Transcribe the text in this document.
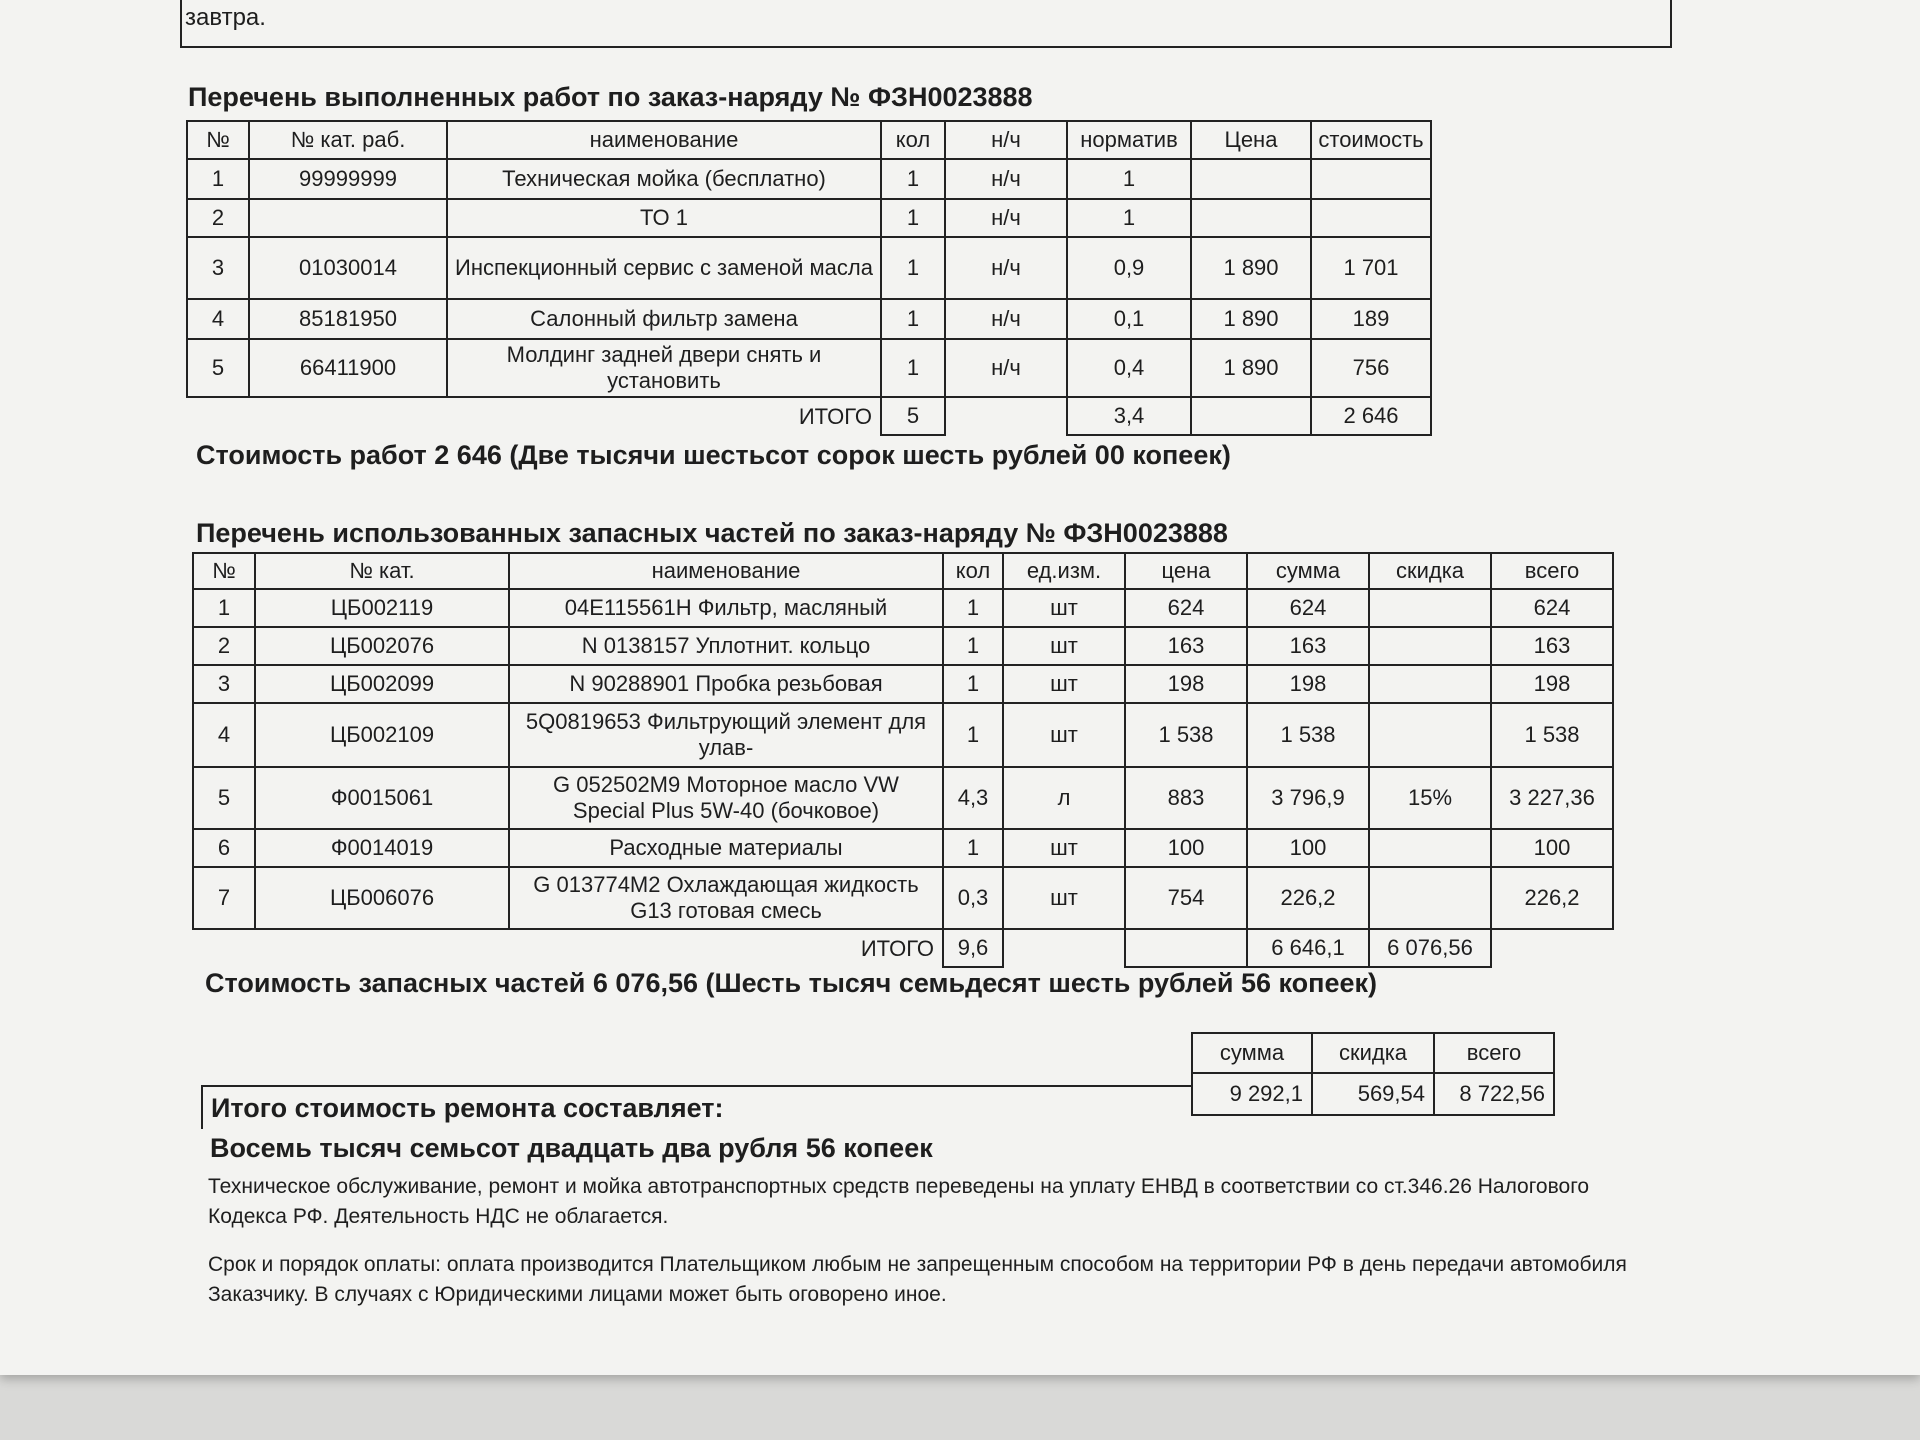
завтра.
Перечень выполненных работ по заказ-наряду № ФЗН0023888
№	№ кат. раб.	наименование	кол	н/ч	норматив	Цена	стоимость
1	99999999	Техническая мойка (бесплатно)	1	н/ч	1		
2		ТО 1	1	н/ч	1		
3	01030014	Инспекционный сервис с заменой масла	1	н/ч	0,9	1 890	1 701
4	85181950	Салонный фильтр замена	1	н/ч	0,1	1 890	189
5	66411900	Молдинг задней двери снять и установить	1	н/ч	0,4	1 890	756
		ИТОГО	5		3,4		2 646
Стоимость работ 2 646 (Две тысячи шестьсот сорок шесть рублей 00 копеек)
Перечень использованных запасных частей по заказ-наряду № ФЗН0023888
№	№ кат.	наименование	кол	ед.изм.	цена	сумма	скидка	всего
1	ЦБ002119	04E115561H Фильтр, масляный	1	шт	624	624		624
2	ЦБ002076	N 0138157 Уплотнит. кольцо	1	шт	163	163		163
3	ЦБ002099	N 90288901 Пробка резьбовая	1	шт	198	198		198
4	ЦБ002109	5Q0819653 Фильтрующий элемент для улав-	1	шт	1 538	1 538		1 538
5	Ф0015061	G 052502M9 Моторное масло VW Special Plus 5W-40 (бочковое)	4,3	л	883	3 796,9	15%	3 227,36
6	Ф0014019	Расходные материалы	1	шт	100	100		100
7	ЦБ006076	G 013774M2 Охлаждающая жидкость G13 готовая смесь	0,3	шт	754	226,2		226,2
		ИТОГО	9,6			6 646,1	6 076,56	
Стоимость запасных частей 6 076,56 (Шесть тысяч семьдесят шесть рублей 56 копеек)
сумма	скидка	всего
9 292,1	569,54	8 722,56
Итого стоимость ремонта составляет:
Восемь тысяч семьсот двадцать два рубля 56 копеек

Техническое обслуживание, ремонт и мойка автотранспортных средств переведены на уплату ЕНВД в соответствии со ст.346.26 Налогового Кодекса РФ. Деятельность НДС не облагается.

Срок и порядок оплаты: оплата производится Плательщиком любым не запрещенным способом на территории РФ в день передачи автомобиля Заказчику. В случаях с Юридическими лицами может быть оговорено иное.
